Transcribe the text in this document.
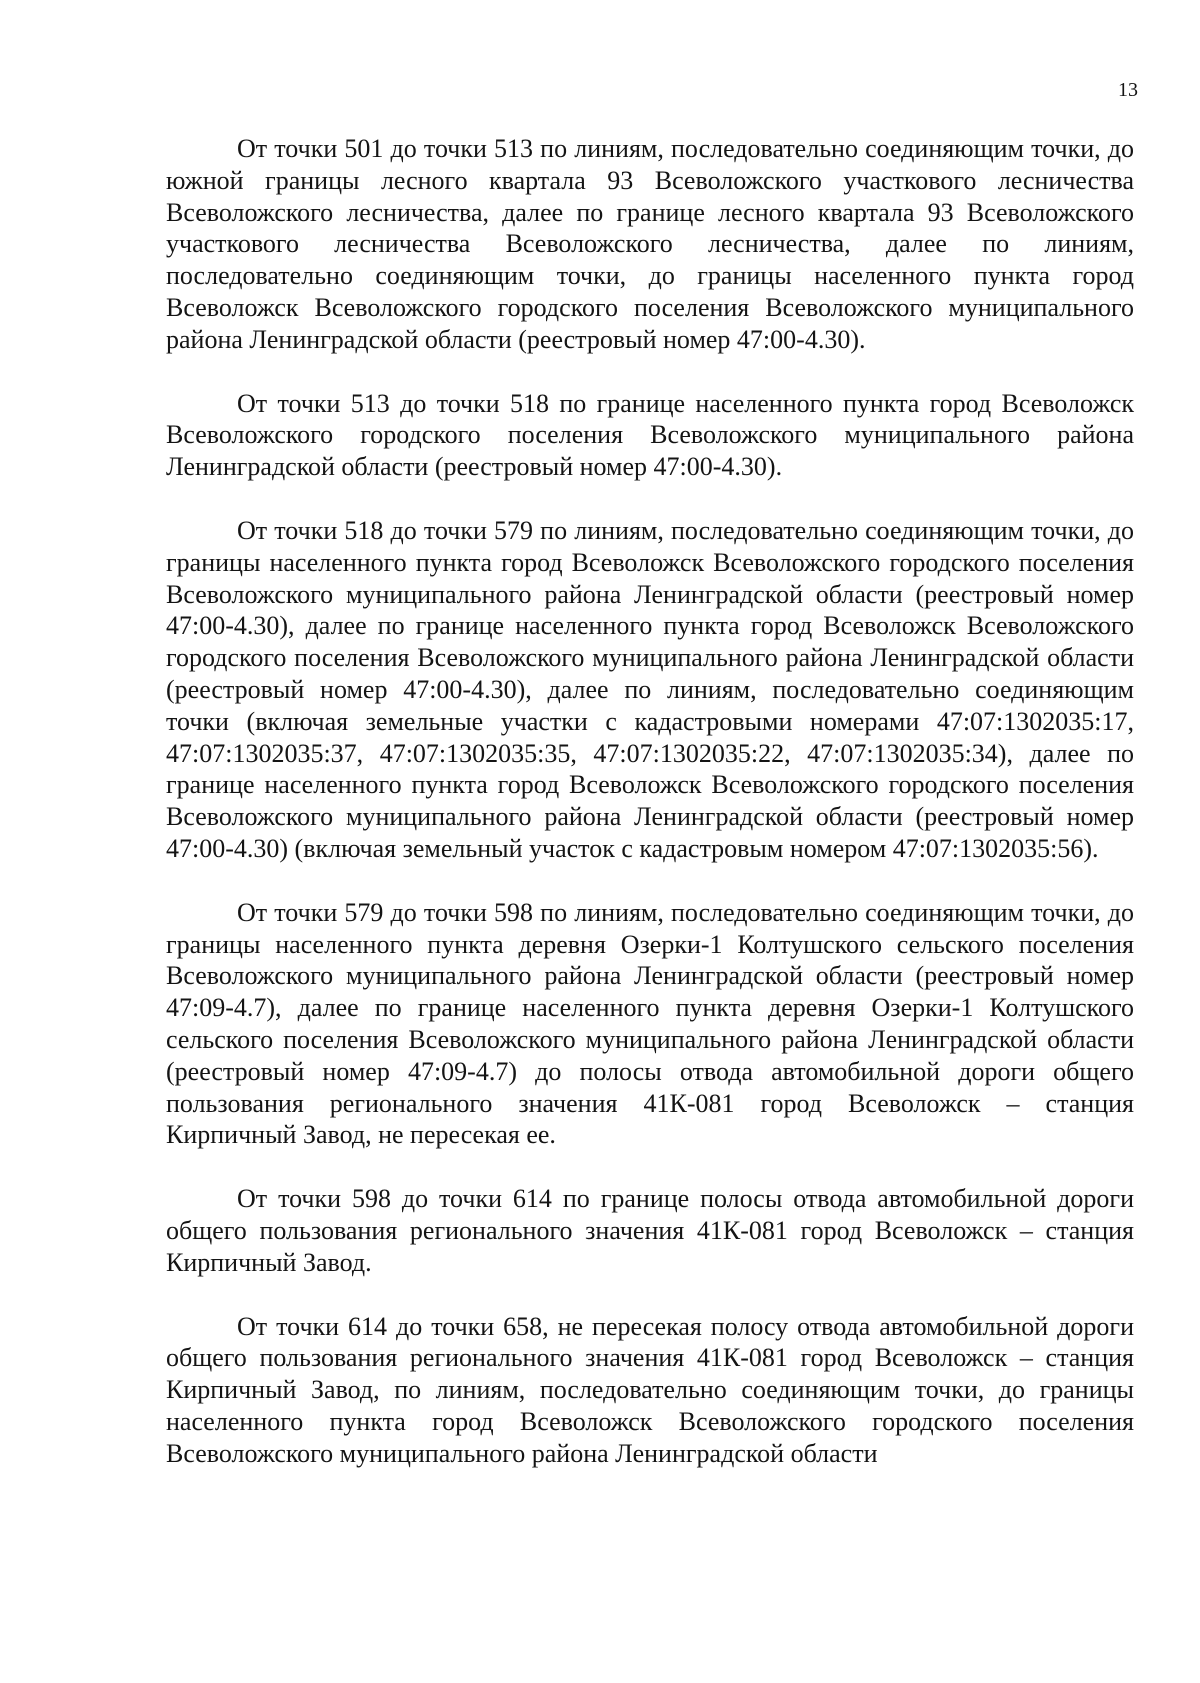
13

От точки 501 до точки 513 по линиям, последовательно соединяющим точки, до южной границы лесного квартала 93 Всеволожского участкового лесничества Всеволожского лесничества, далее по границе лесного квартала 93 Всеволожского участкового лесничества Всеволожского лесничества, далее по линиям, последовательно соединяющим точки, до границы населенного пункта город Всеволожск Всеволожского городского поселения Всеволожского муниципального района Ленинградской области (реестровый номер 47:00-4.30).

От точки 513 до точки 518 по границе населенного пункта город Всеволожск Всеволожского городского поселения Всеволожского муниципального района Ленинградской области (реестровый номер 47:00-4.30).

От точки 518 до точки 579 по линиям, последовательно соединяющим точки, до границы населенного пункта город Всеволожск Всеволожского городского поселения Всеволожского муниципального района Ленинградской области (реестровый номер 47:00-4.30), далее по границе населенного пункта город Всеволожск Всеволожского городского поселения Всеволожского муниципального района Ленинградской области (реестровый номер 47:00-4.30), далее по линиям, последовательно соединяющим точки (включая земельные участки с кадастровыми номерами 47:07:1302035:17, 47:07:1302035:37, 47:07:1302035:35, 47:07:1302035:22, 47:07:1302035:34), далее по границе населенного пункта город Всеволожск Всеволожского городского поселения Всеволожского муниципального района Ленинградской области (реестровый номер 47:00-4.30) (включая земельный участок с кадастровым номером 47:07:1302035:56).

От точки 579 до точки 598 по линиям, последовательно соединяющим точки, до границы населенного пункта деревня Озерки-1 Колтушского сельского поселения Всеволожского муниципального района Ленинградской области (реестровый номер 47:09-4.7), далее по границе населенного пункта деревня Озерки-1 Колтушского сельского поселения Всеволожского муниципального района Ленинградской области (реестровый номер 47:09-4.7) до полосы отвода автомобильной дороги общего пользования регионального значения 41К-081 город Всеволожск – станция Кирпичный Завод, не пересекая ее.

От точки 598 до точки 614 по границе полосы отвода автомобильной дороги общего пользования регионального значения 41К-081 город Всеволожск – станция Кирпичный Завод.

От точки 614 до точки 658, не пересекая полосу отвода автомобильной дороги общего пользования регионального значения 41К-081 город Всеволожск – станция Кирпичный Завод, по линиям, последовательно соединяющим точки, до границы населенного пункта город Всеволожск Всеволожского городского поселения Всеволожского муниципального района Ленинградской области
